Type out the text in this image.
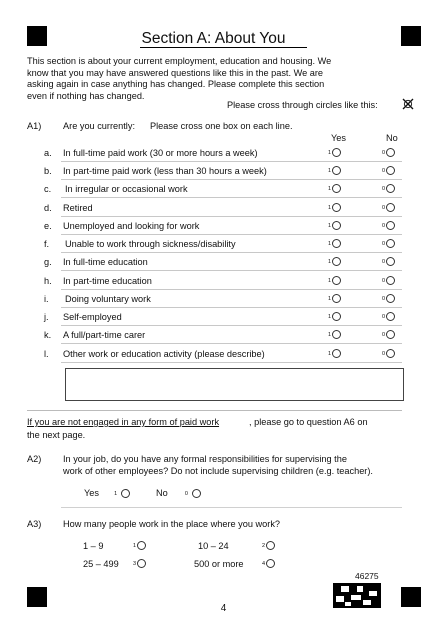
Section A: About You
This section is about your current employment, education and housing. We
know that you may have answered questions like this in the past. We are
asking again in case anything has changed. Please complete this section
even if nothing has changed.
Please cross through circles like this:
A1) Are you currently: Please cross one box on each line.
Yes	No
a. In full-time paid work (30 or more hours a week)	1	0
b. In part-time paid work (less than 30 hours a week)	1	0
c. In irregular or occasional work	1	0
d. Retired	1	0
e. Unemployed and looking for work	1	0
f. Unable to work through sickness/disability	1	0
g. In full-time education	1	0
h. In part-time education	1	0
i. Doing voluntary work	1	0
j. Self-employed	1	0
k. A full/part-time carer	1	0
l. Other work or education activity (please describe)	1	0
If you are not engaged in any form of paid work	, please go to question A6 on
the next page.
A2) In your job, do you have any formal responsibilities for supervising the
work of other employees? Do not include supervising children (e.g. teacher).
Yes	1	No	0
A3) How many people work in the place where you work?
1 – 9	1	10 – 24	2
25 – 499	3	500 or more	4
46275
4
